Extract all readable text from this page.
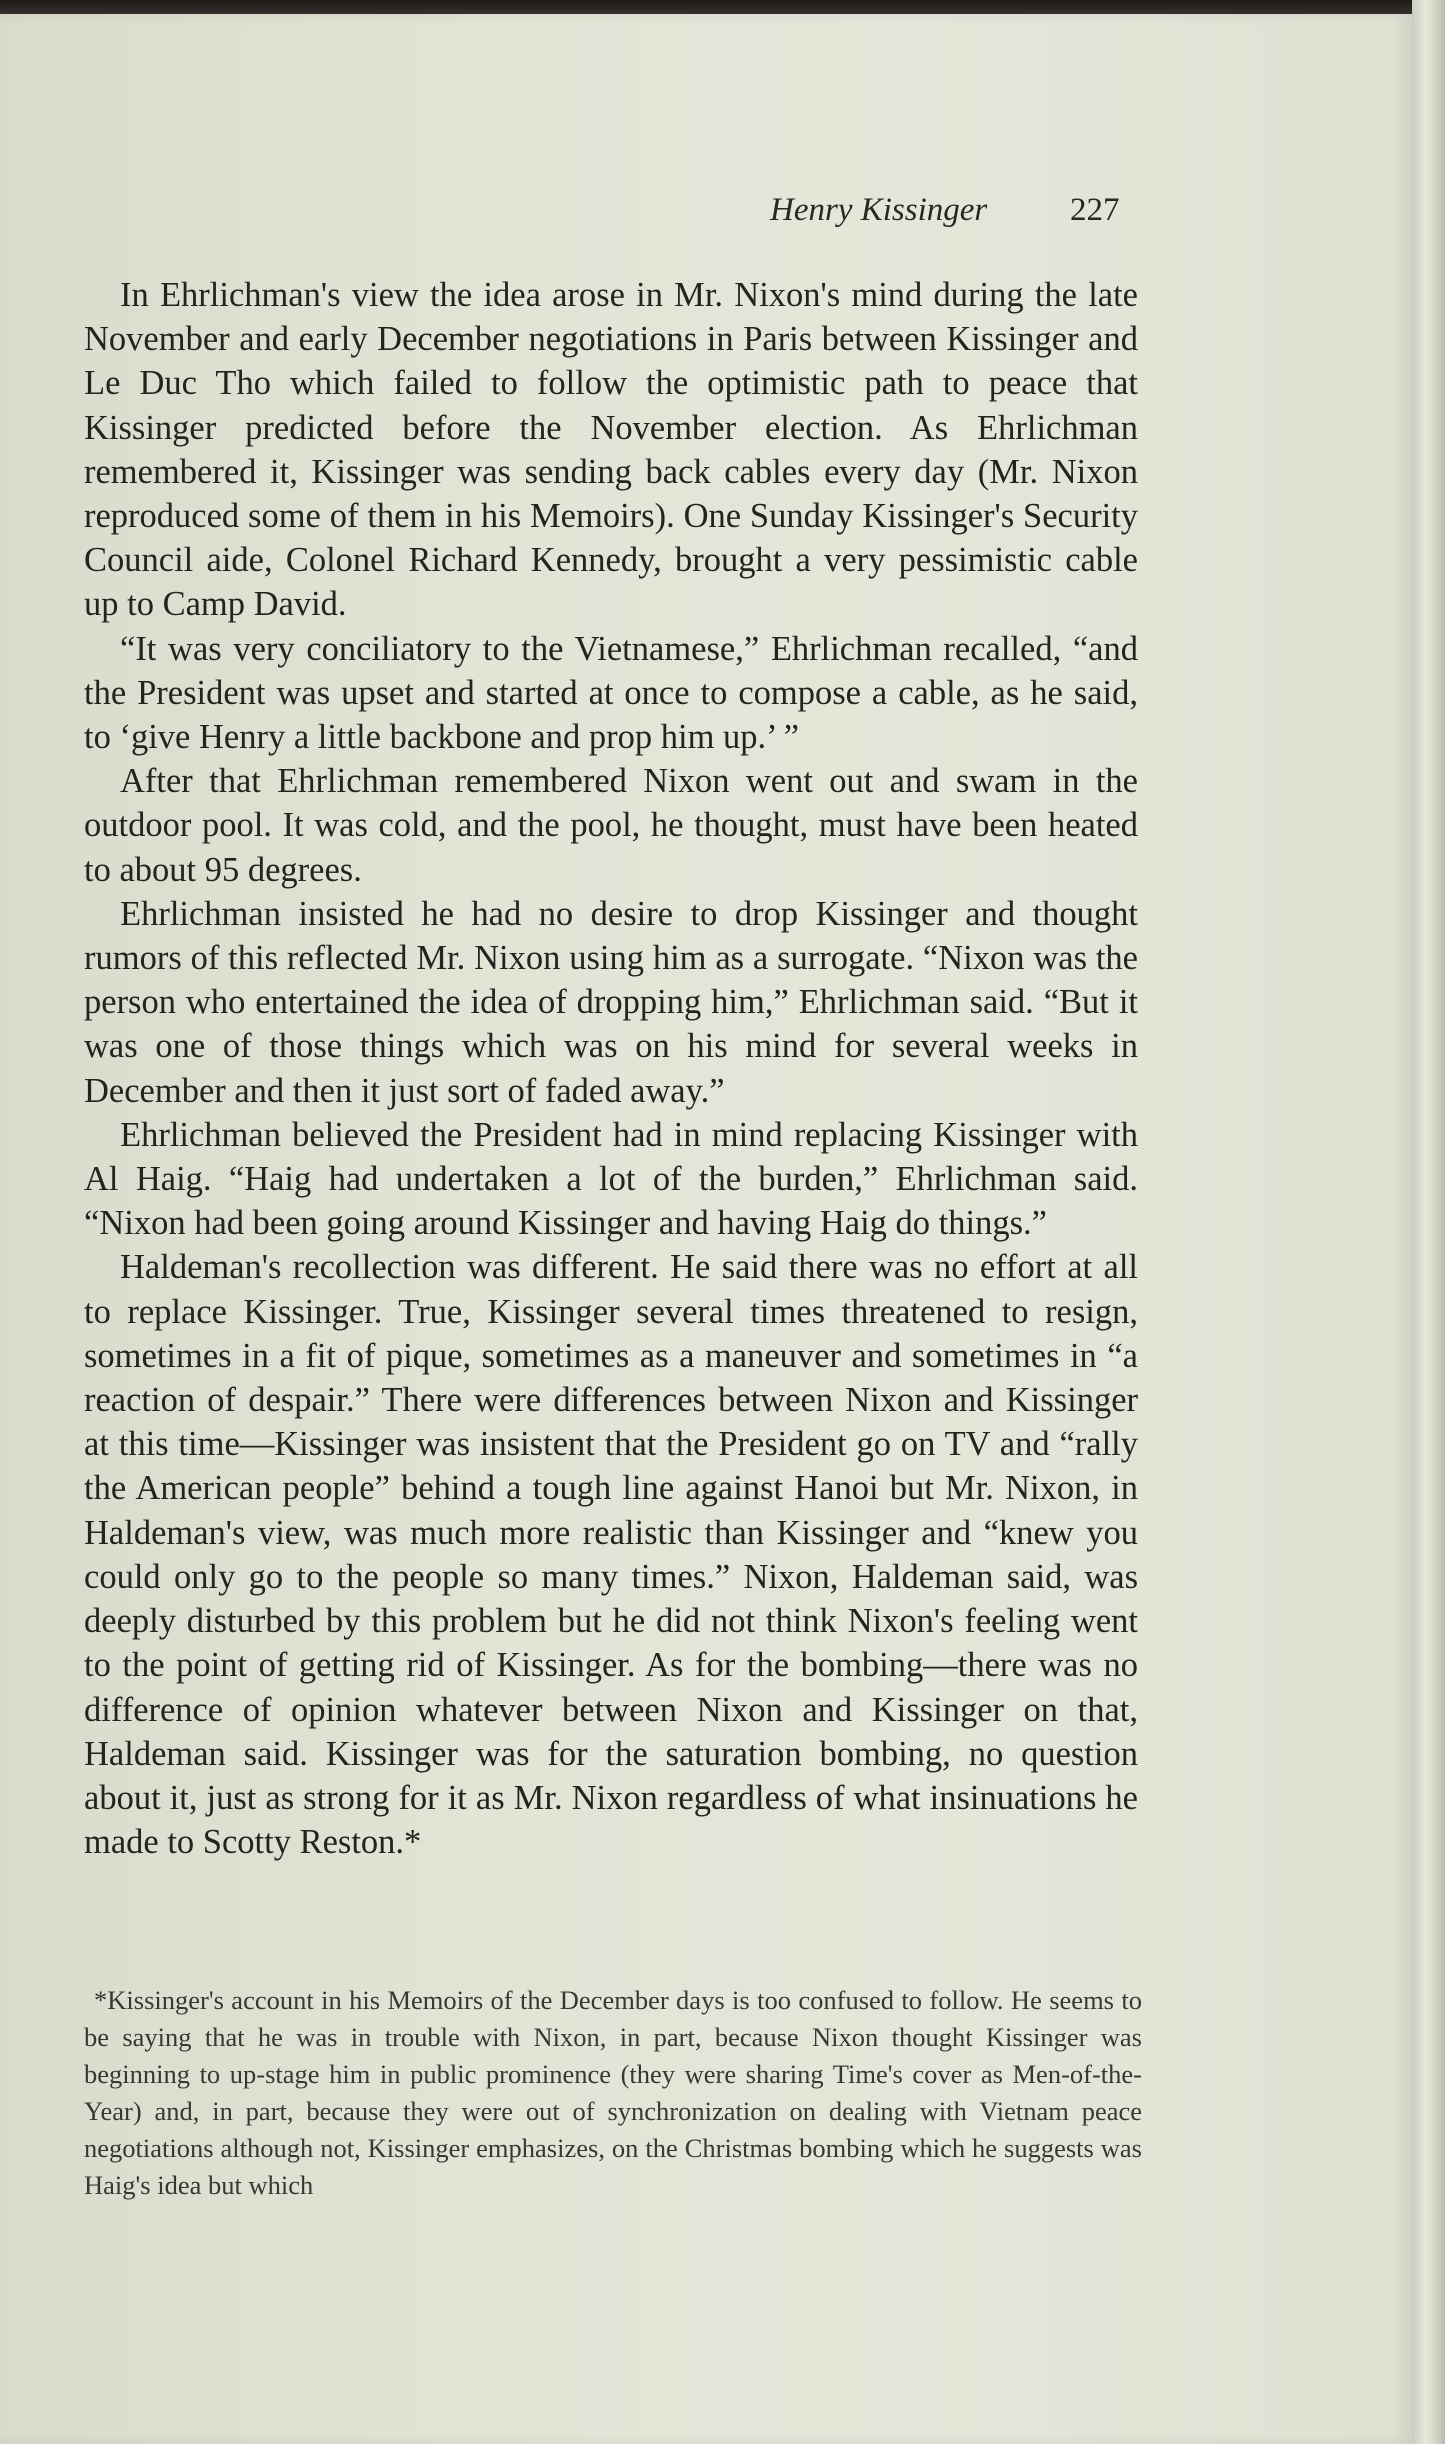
Henry Kissinger	227

In Ehrlichman's view the idea arose in Mr. Nixon's mind during the late November and early December negotiations in Paris between Kissinger and Le Duc Tho which failed to follow the optimistic path to peace that Kissinger predicted before the November election. As Ehrlichman remembered it, Kissinger was sending back cables every day (Mr. Nixon reproduced some of them in his Memoirs). One Sunday Kissinger's Security Council aide, Colonel Richard Kennedy, brought a very pessimistic cable up to Camp David.

“It was very conciliatory to the Vietnamese,” Ehrlichman recalled, “and the President was upset and started at once to compose a cable, as he said, to ‘give Henry a little backbone and prop him up.’ ”

After that Ehrlichman remembered Nixon went out and swam in the outdoor pool. It was cold, and the pool, he thought, must have been heated to about 95 degrees.

Ehrlichman insisted he had no desire to drop Kissinger and thought rumors of this reflected Mr. Nixon using him as a surrogate. “Nixon was the person who entertained the idea of dropping him,” Ehrlichman said. “But it was one of those things which was on his mind for several weeks in December and then it just sort of faded away.”

Ehrlichman believed the President had in mind replacing Kissinger with Al Haig. “Haig had undertaken a lot of the burden,” Ehrlichman said. “Nixon had been going around Kissinger and having Haig do things.”

Haldeman's recollection was different. He said there was no effort at all to replace Kissinger. True, Kissinger several times threatened to resign, sometimes in a fit of pique, sometimes as a maneuver and sometimes in “a reaction of despair.” There were differences between Nixon and Kissinger at this time—Kissinger was insistent that the President go on TV and “rally the American people” behind a tough line against Hanoi but Mr. Nixon, in Haldeman's view, was much more realistic than Kissinger and “knew you could only go to the people so many times.” Nixon, Haldeman said, was deeply disturbed by this problem but he did not think Nixon's feeling went to the point of getting rid of Kissinger. As for the bombing—there was no difference of opinion whatever between Nixon and Kissinger on that, Haldeman said. Kissinger was for the saturation bombing, no question about it, just as strong for it as Mr. Nixon regardless of what insinuations he made to Scotty Reston.*

*Kissinger's account in his Memoirs of the December days is too confused to follow. He seems to be saying that he was in trouble with Nixon, in part, because Nixon thought Kissinger was beginning to up-stage him in public prominence (they were sharing Time's cover as Men-of-the-Year) and, in part, because they were out of synchronization on dealing with Vietnam peace negotiations although not, Kissinger emphasizes, on the Christmas bombing which he suggests was Haig's idea but which
